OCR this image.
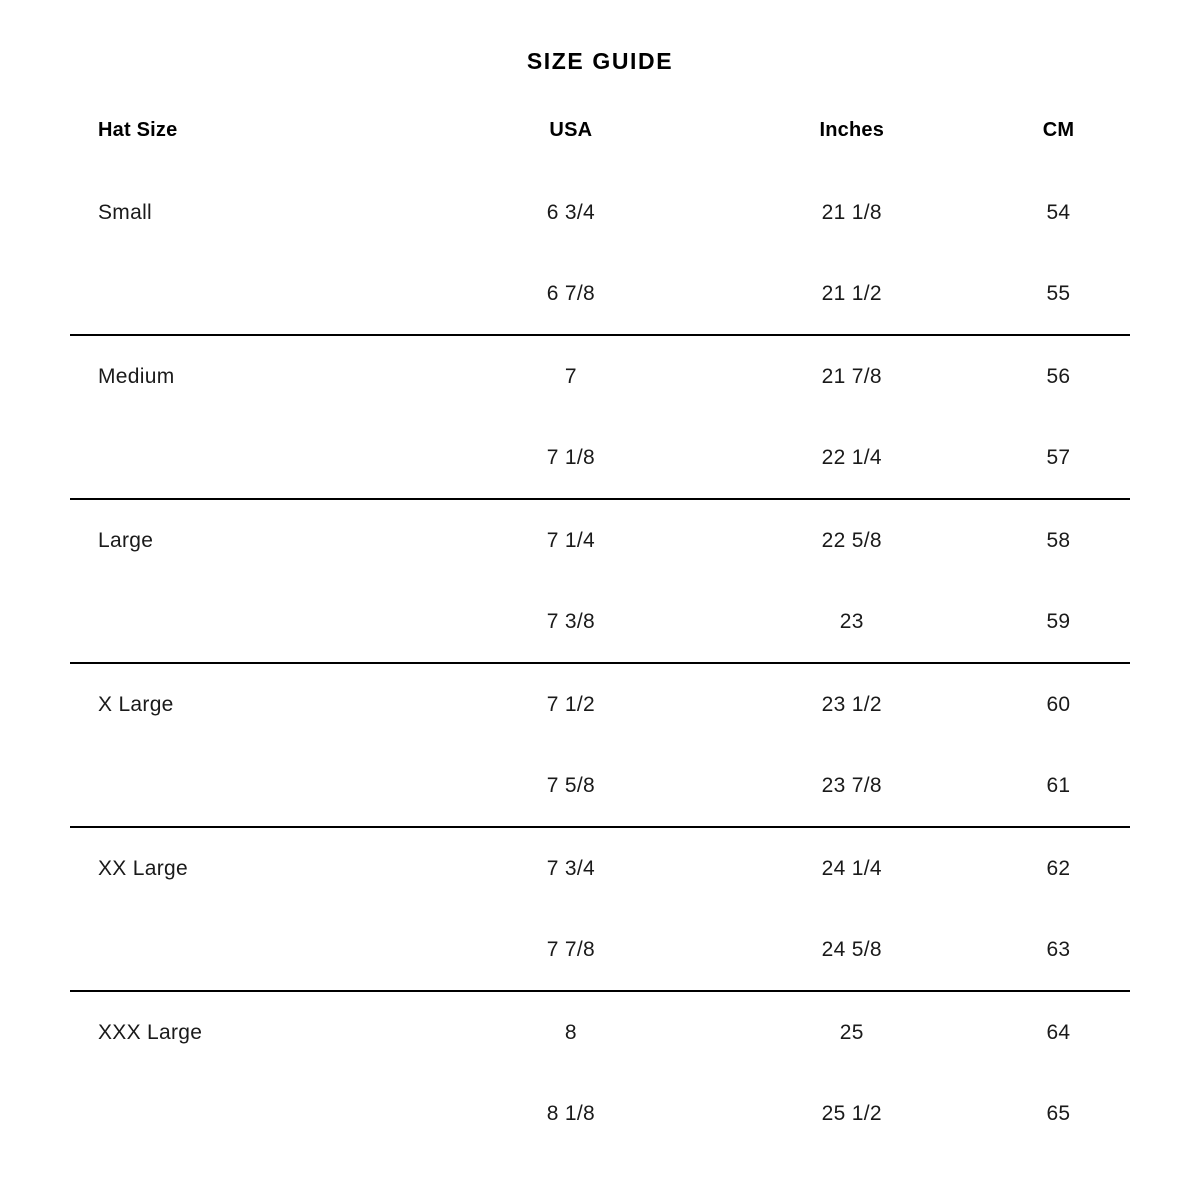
SIZE GUIDE
Hat Size	USA	Inches	CM
Small	6 3/4	21 1/8	54
	6 7/8	21 1/2	55
Medium	7	21 7/8	56
	7 1/8	22 1/4	57
Large	7 1/4	22 5/8	58
	7 3/8	23	59
X Large	7 1/2	23 1/2	60
	7 5/8	23 7/8	61
XX Large	7 3/4	24 1/4	62
	7 7/8	24 5/8	63
XXX Large	8	25	64
	8 1/8	25 1/2	65
